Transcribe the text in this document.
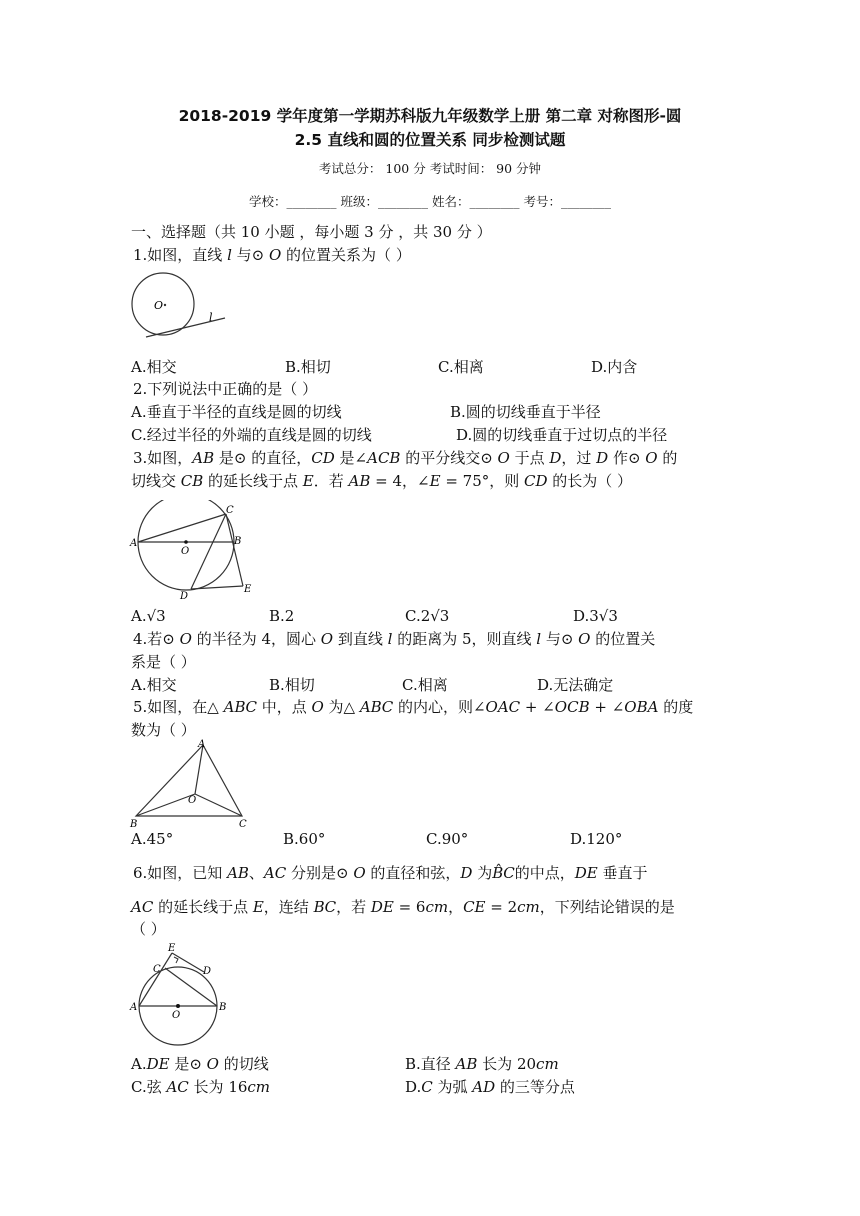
2018-2019 学年度第一学期苏科版九年级数学上册 第二章 对称图形-圆
2.5 直线和圆的位置关系 同步检测试题
考试总分： 100 分 考试时间： 90 分钟
学校：________ 班级：________ 姓名：________ 考号：________
一、选择题（共 10 小题 ，每小题 3 分 ，共 30 分 ）
1.如图，直线 𝑙 与⊙ 𝑂 的位置关系为（ ）
O
l
A.相交	B.相切	C.相离	D.内含
2.下列说法中正确的是（ ）
A.垂直于半径的直线是圆的切线	B.圆的切线垂直于半径
C.经过半径的外端的直线是圆的切线	D.圆的切线垂直于过切点的半径
3.如图，𝐴𝐵 是⊙ 的直径，𝐶𝐷 是∠𝐴𝐶𝐵 的平分线交⊙ 𝑂 于点 𝐷，过 𝐷 作⊙ 𝑂 的
切线交 𝐶𝐵 的延长线于点 𝐸．若 𝐴𝐵 = 4，∠𝐸 = 75°，则 𝐶𝐷 的长为（ ）
A
O
B
C
D
E
A.√3	B.2	C.2√3	D.3√3
4.若⊙ 𝑂 的半径为 4，圆心 𝑂 到直线 𝑙 的距离为 5，则直线 𝑙 与⊙ 𝑂 的位置关
系是（ ）
A.相交	B.相切	C.相离	D.无法确定
5.如图，在△ 𝐴𝐵𝐶 中，点 𝑂 为△ 𝐴𝐵𝐶 的内心，则∠𝑂𝐴𝐶 + ∠𝑂𝐶𝐵 + ∠𝑂𝐵𝐴 的度
数为（ ）
A
O
B	C
A.45°	B.60°	C.90°	D.120°
6.如图，已知 𝐴𝐵、𝐴𝐶 分别是⊙ 𝑂 的直径和弦，𝐷 为𝐵̂𝐶的中点，𝐷𝐸 垂直于
𝐴𝐶 的延长线于点 𝐸，连结 𝐵𝐶，若 𝐷𝐸 = 6𝑐𝑚，𝐶𝐸 = 2𝑐𝑚，下列结论错误的是
（ ）
E
C	D
A
O
B
A.𝐷𝐸 是⊙ 𝑂 的切线	B.直径 𝐴𝐵 长为 20𝑐𝑚
C.弦 𝐴𝐶 长为 16𝑐𝑚	D.𝐶 为弧 𝐴𝐷 的三等分点
